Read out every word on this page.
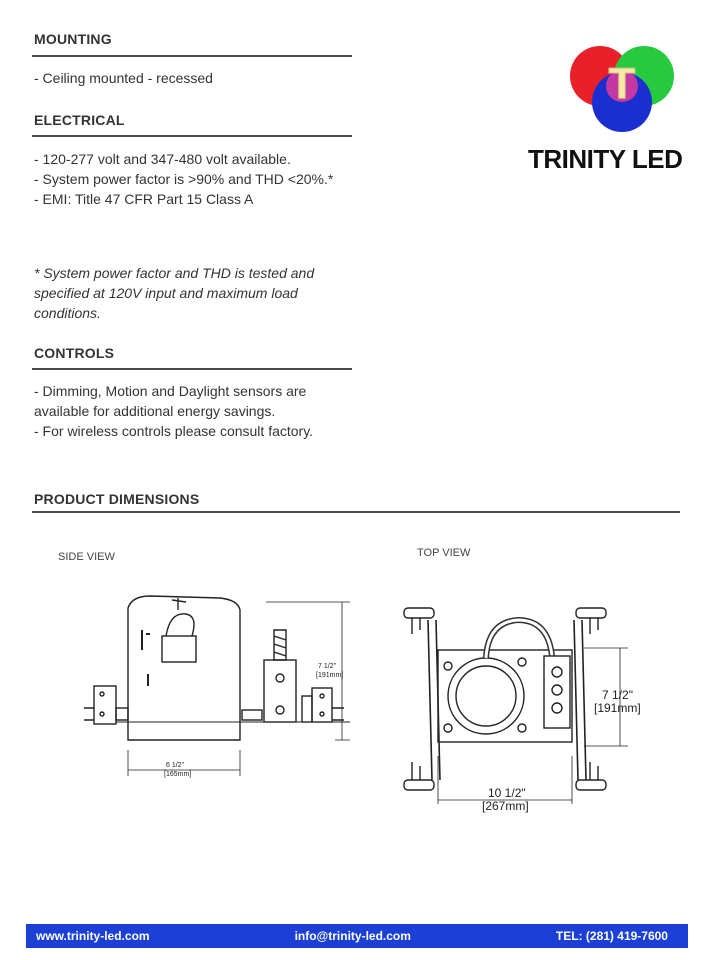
MOUNTING
- Ceiling mounted - recessed
ELECTRICAL

- 120-277 volt and 347-480 volt available.

- System power factor is >90% and THD <20%.*

- EMI: Title 47 CFR Part 15 Class A

* System power factor and THD is tested and specified at 120V input and maximum load conditions.
CONTROLS

- Dimming, Motion and Daylight sensors are available for additional energy savings.

- For wireless controls please consult factory.

T
TRINITY LED
PRODUCT DIMENSIONS
SIDE VIEW	TOP VIEW
7 1/2"
[191mm]
6 1/2"
[165mm]
7 1/2"
[191mm]
10 1/2"
[267mm]
www.trinity-led.com	info@trinity-led.com	TEL: (281) 419-7600
